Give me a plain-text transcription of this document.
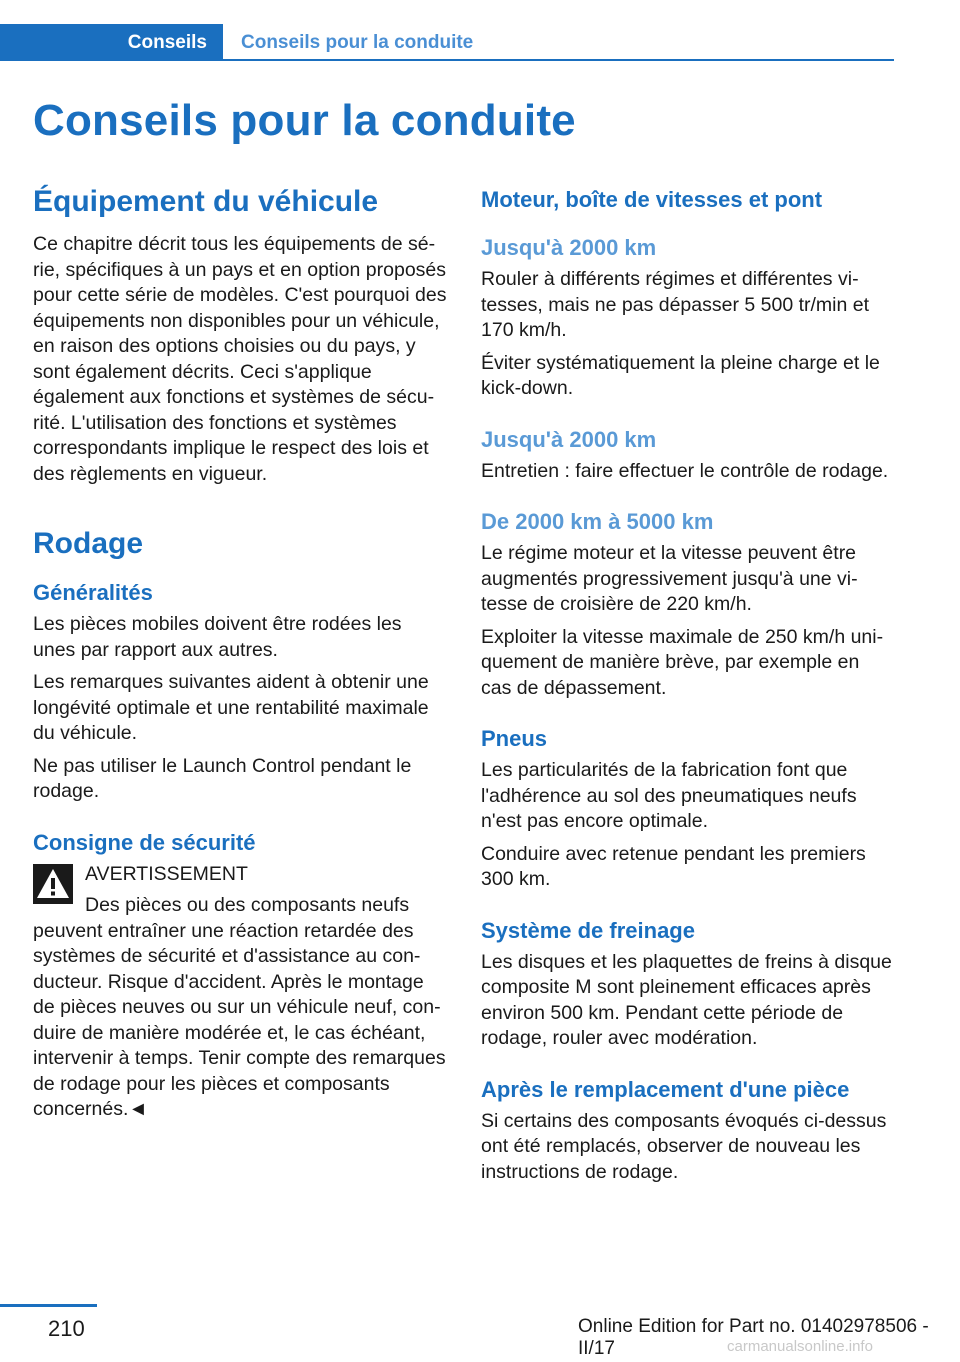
Conseils	Conseils pour la conduite
Conseils pour la conduite
Équipement du véhicule

Ce chapitre décrit tous les équipements de série, spécifiques à un pays et en option proposés pour cette série de modèles. C'est pourquoi des équipements non disponibles pour un véhicule, en raison des options choisies ou du pays, y sont également décrits. Ceci s'applique également aux fonctions et systèmes de sécurité. L'utilisation des fonctions et systèmes correspondants implique le respect des lois et des règlements en vigueur.

Rodage
Généralités

Les pièces mobiles doivent être rodées les unes par rapport aux autres.

Les remarques suivantes aident à obtenir une longévité optimale et une rentabilité maximale du véhicule.

Ne pas utiliser le Launch Control pendant le rodage.

Consigne de sécurité

AVERTISSEMENT

Des pièces ou des composants neufs

peuvent entraîner une réaction retardée des systèmes de sécurité et d'assistance au conducteur. Risque d'accident. Après le montage de pièces neuves ou sur un véhicule neuf, conduire de manière modérée et, le cas échéant, intervenir à temps. Tenir compte des remarques de rodage pour les pièces et composants concernés.◄

Moteur, boîte de vitesses et pont
Jusqu'à 2000 km

Rouler à différents régimes et différentes vitesses, mais ne pas dépasser 5 500 tr/min et 170 km/h.

Éviter systématiquement la pleine charge et le kick-down.

Jusqu'à 2000 km

Entretien : faire effectuer le contrôle de rodage.

De 2000 km à 5000 km

Le régime moteur et la vitesse peuvent être augmentés progressivement jusqu'à une vitesse de croisière de 220 km/h.

Exploiter la vitesse maximale de 250 km/h uniquement de manière brève, par exemple en cas de dépassement.

Pneus

Les particularités de la fabrication font que l'adhérence au sol des pneumatiques neufs n'est pas encore optimale.

Conduire avec retenue pendant les premiers 300 km.

Système de freinage

Les disques et les plaquettes de freins à disque composite M sont pleinement efficaces après environ 500 km. Pendant cette période de rodage, rouler avec modération.

Après le remplacement d'une pièce

Si certains des composants évoqués ci-dessus ont été remplacés, observer de nouveau les instructions de rodage.

210	Online Edition for Part no. 01402978506 - II/17	carmanualsonline.info
